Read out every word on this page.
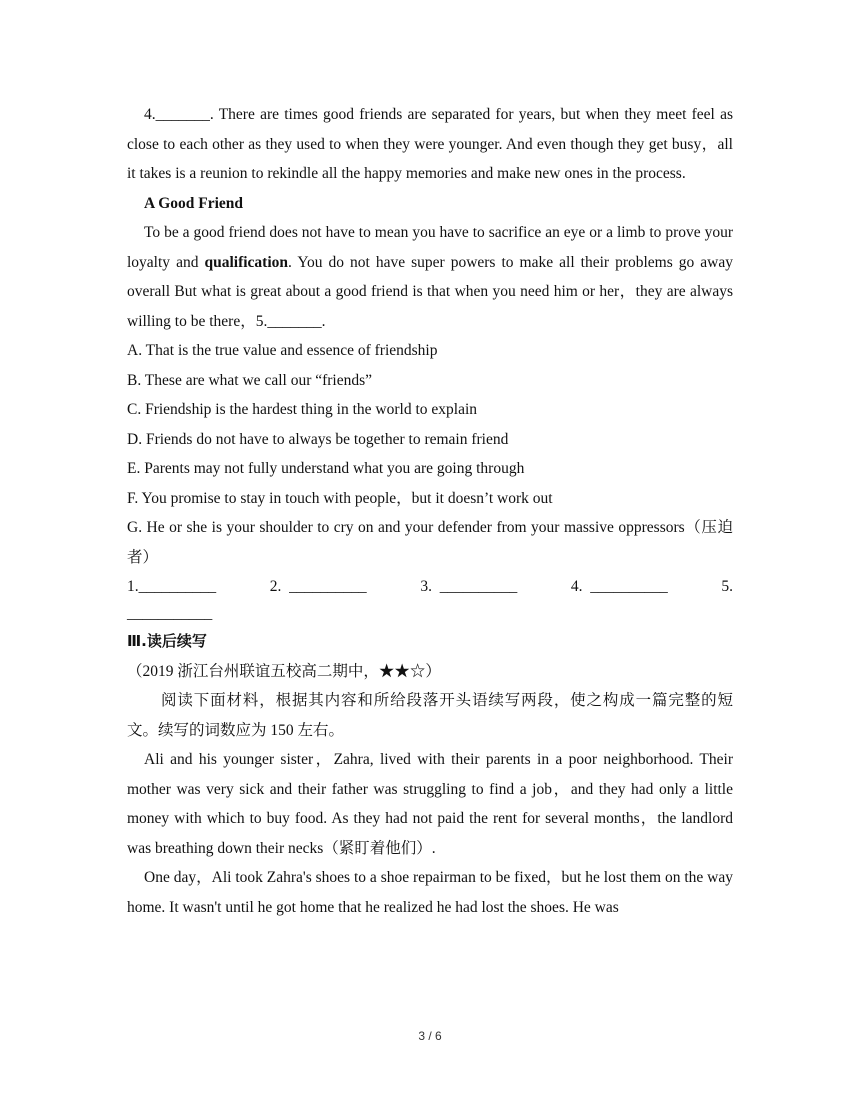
4._______. There are times good friends are separated for years, but when they meet feel as close to each other as they used to when they were younger. And even though they get busy，all it takes is a reunion to rekindle all the happy memories and make new ones in the process.

A Good Friend

To be a good friend does not have to mean you have to sacrifice an eye or a limb to prove your loyalty and qualification. You do not have super powers to make all their problems go away overall But what is great about a good friend is that when you need him or her，they are always willing to be there，5._______.

A. That is the true value and essence of friendship

B. These are what we call our “friends”

C. Friendship is the hardest thing in the world to explain

D. Friends do not have to always be together to remain friend

E. Parents may not fully understand what you are going through

F. You promise to stay in touch with people，but it doesn’t work out

G. He or she is your shoulder to cry on and your defender from your massive oppressors（压迫者）

1.__________	2.  __________	3.  __________	4.  __________	5.

___________

Ⅲ.读后续写

（2019 浙江台州联谊五校高二期中，★★☆）

阅读下面材料，根据其内容和所给段落开头语续写两段，使之构成一篇完整的短文。续写的词数应为 150 左右。

Ali and his younger sister，Zahra, lived with their parents in a poor neighborhood. Their mother was very sick and their father was struggling to find a job，and they had only a little money with which to buy food. As they had not paid the rent for several months，the landlord was breathing down their necks（紧盯着他们）.

One day，Ali took Zahra's shoes to a shoe repairman to be fixed，but he lost them on the way home. It wasn't until he got home that he realized he had lost the shoes. He was

3 / 6
